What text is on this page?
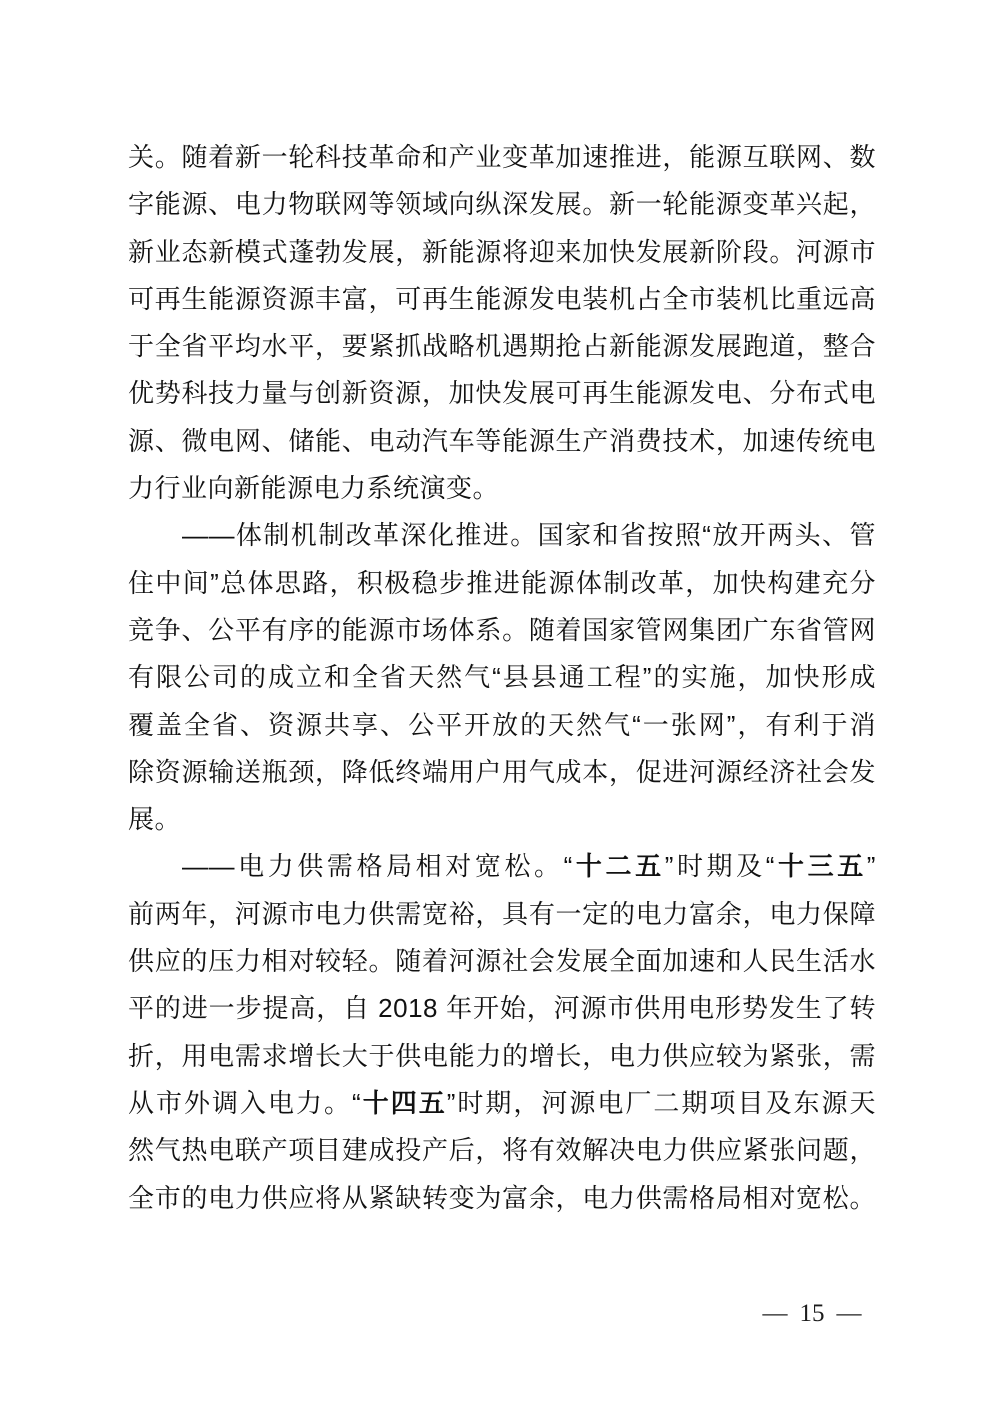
关。随着新一轮科技革命和产业变革加速推进，能源互联网、数
字能源、电力物联网等领域向纵深发展。新一轮能源变革兴起，
新业态新模式蓬勃发展，新能源将迎来加快发展新阶段。河源市
可再生能源资源丰富，可再生能源发电装机占全市装机比重远高
于全省平均水平，要紧抓战略机遇期抢占新能源发展跑道，整合
优势科技力量与创新资源，加快发展可再生能源发电、分布式电
源、微电网、储能、电动汽车等能源生产消费技术，加速传统电
力行业向新能源电力系统演变。
——体制机制改革深化推进。国家和省按照“放开两头、管
住中间”总体思路，积极稳步推进能源体制改革，加快构建充分
竞争、公平有序的能源市场体系。随着国家管网集团广东省管网
有限公司的成立和全省天然气“县县通工程”的实施，加快形成
覆盖全省、资源共享、公平开放的天然气“一张网”，有利于消
除资源输送瓶颈，降低终端用户用气成本，促进河源经济社会发
展。
——电力供需格局相对宽松。“十二五”时期及“十三五”
前两年，河源市电力供需宽裕，具有一定的电力富余，电力保障
供应的压力相对较轻。随着河源社会发展全面加速和人民生活水
平的进一步提高，自 2018 年开始，河源市供用电形势发生了转
折，用电需求增长大于供电能力的增长，电力供应较为紧张，需
从市外调入电力。“十四五”时期，河源电厂二期项目及东源天
然气热电联产项目建成投产后，将有效解决电力供应紧张问题，
全市的电力供应将从紧缺转变为富余，电力供需格局相对宽松。
— 15 —
